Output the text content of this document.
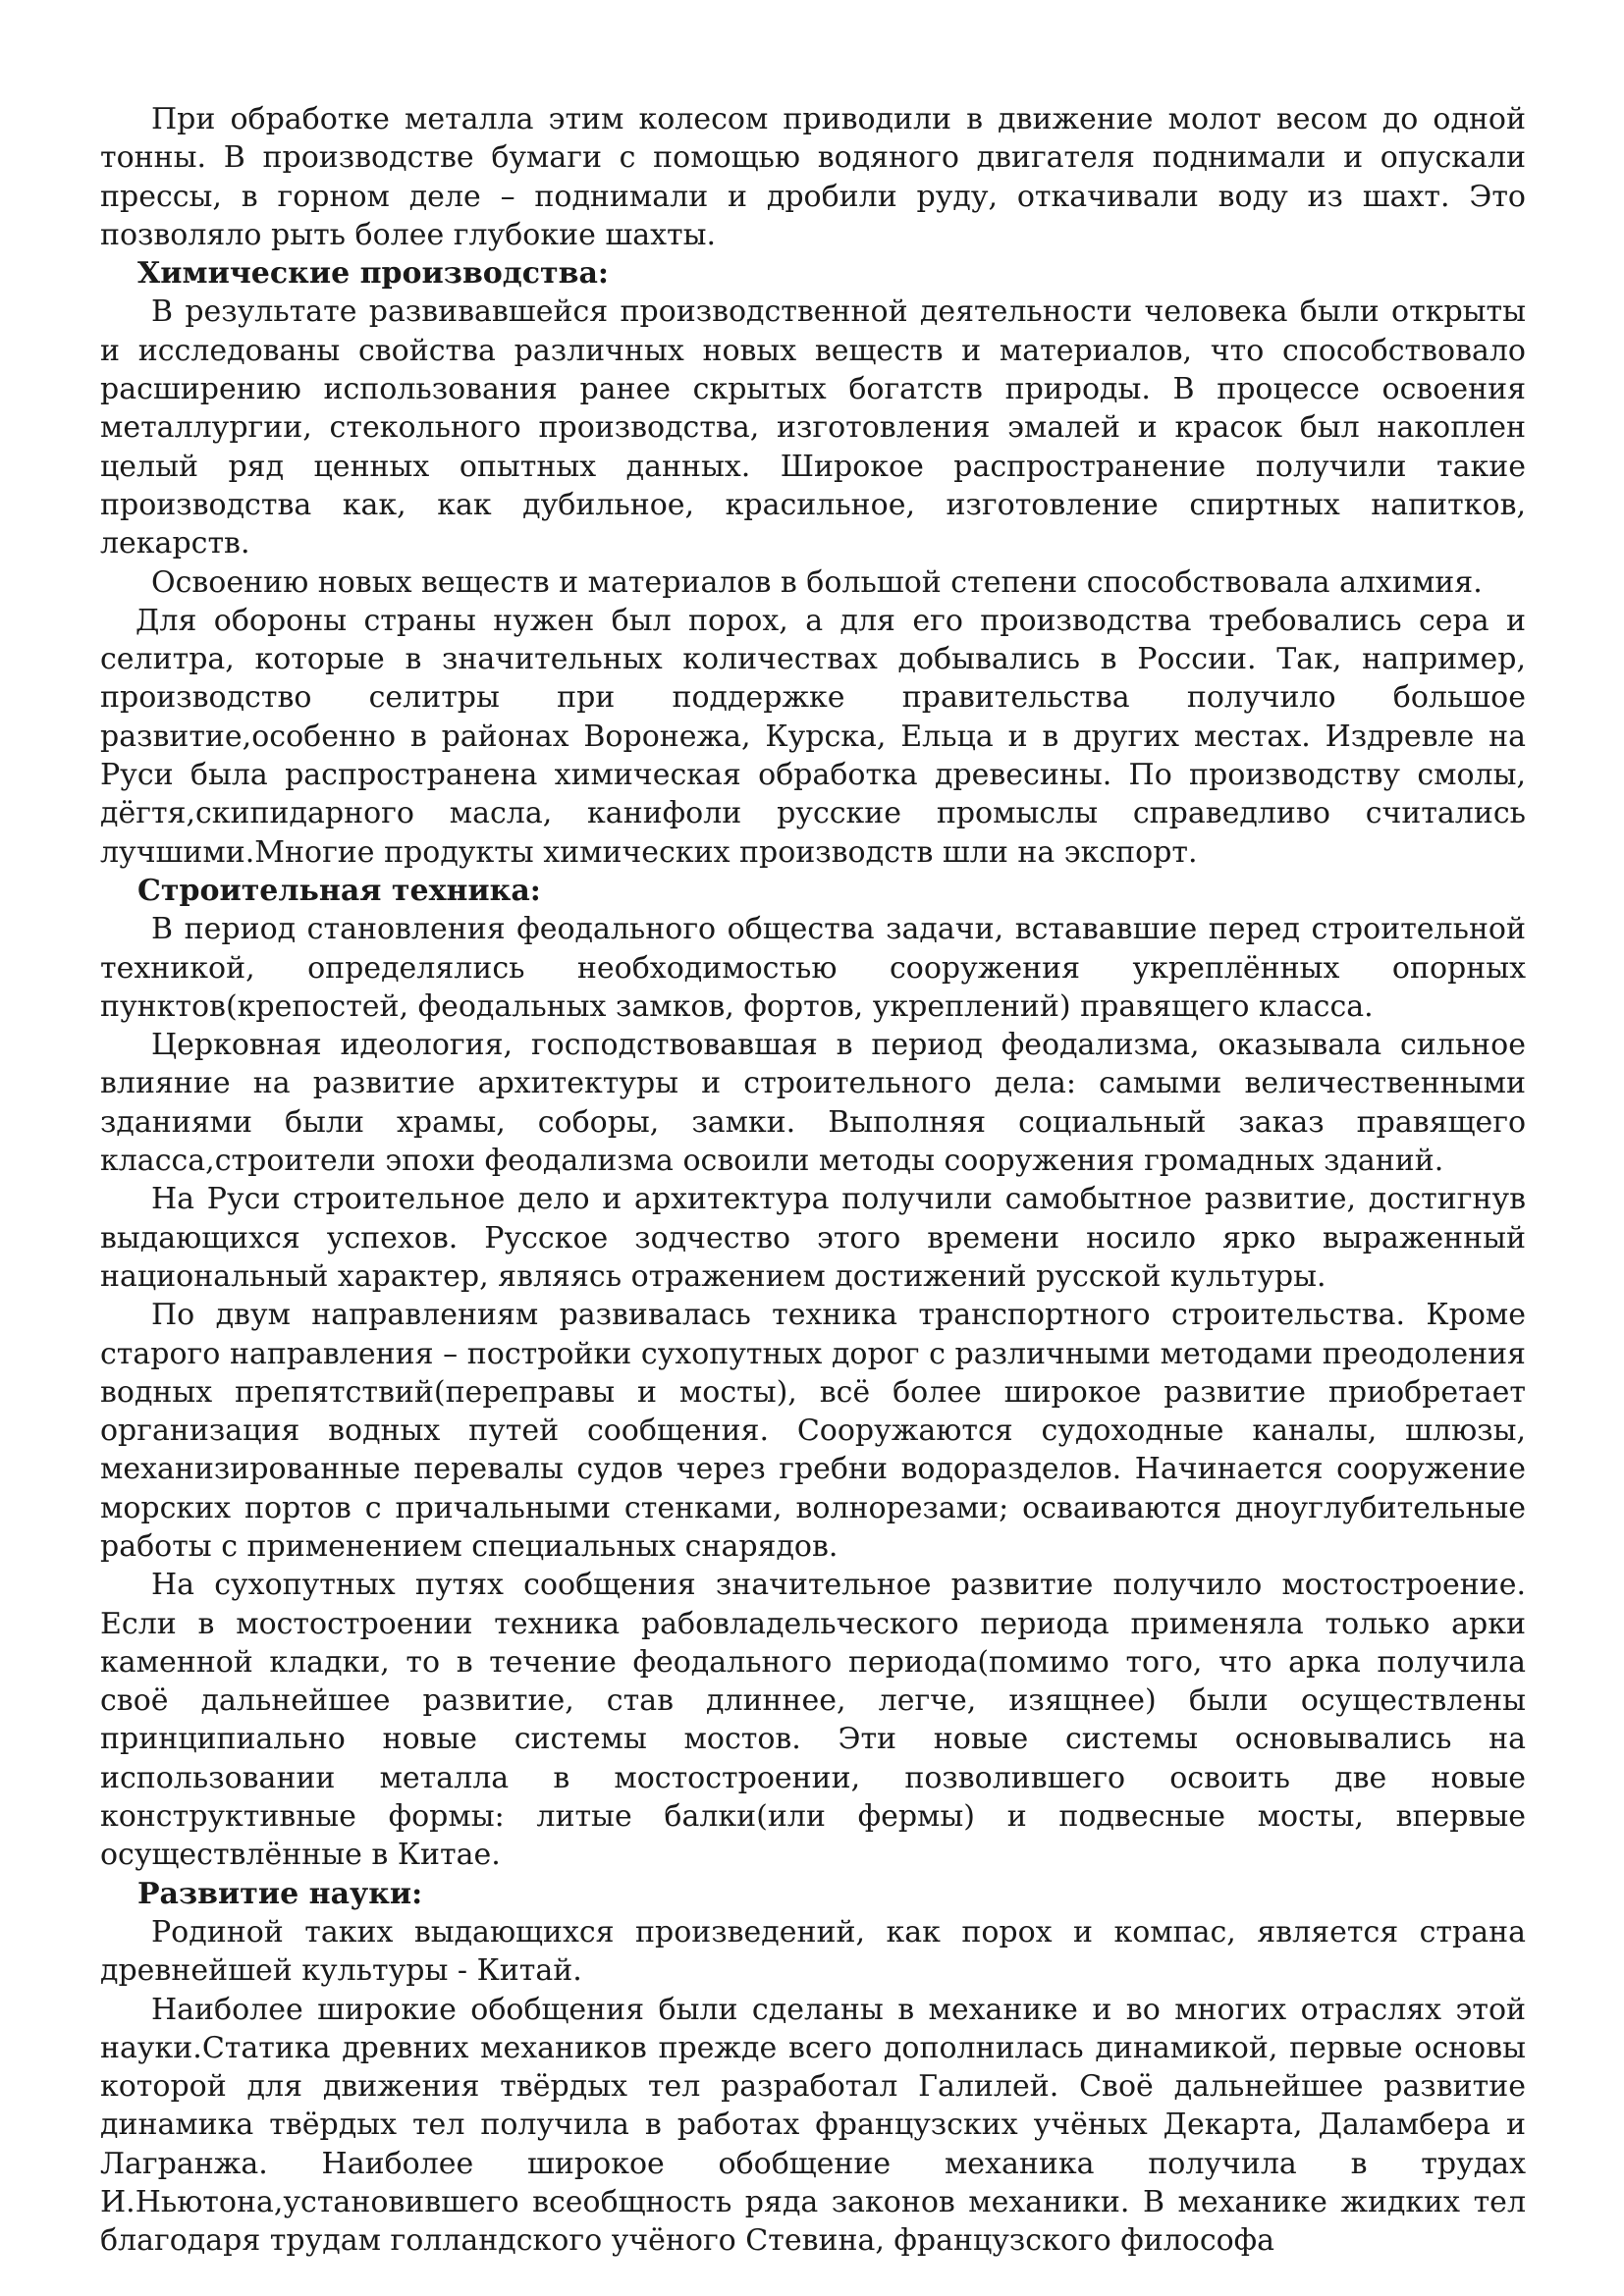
При обработке металла этим колесом приводили в движение молот весом до одной тонны. В производстве бумаги с помощью водяного двигателя поднимали и опускали прессы, в горном деле – поднимали и дробили руду, откачивали воду из шахт. Это позволяло рыть более глубокие шахты.

Химические производства:

В результате развивавшейся производственной деятельности человека были открыты и исследованы свойства различных новых веществ и материалов, что способствовало расширению использования ранее скрытых богатств природы. В процессе освоения металлургии, стекольного производства, изготовления эмалей и красок был накоплен целый ряд ценных опытных данных. Широкое распространение получили такие производства как, как дубильное, красильное, изготовление спиртных напитков, лекарств.

Освоению новых веществ и материалов в большой степени способствовала алхимия.

Для обороны страны нужен был порох, а для его производства требовались сера и селитра, которые в значительных количествах добывались в России. Так, например, производство селитры при поддержке правительства получило большое развитие,особенно в районах Воронежа, Курска, Ельца и в других местах. Издревле на Руси была распространена химическая обработка древесины. По производству смолы, дёгтя,скипидарного масла, канифоли русские промыслы справедливо считались лучшими.Многие продукты химических производств шли на экспорт.

Строительная техника:

В период становления феодального общества задачи, встававшие перед строительной техникой, определялись необходимостью сооружения укреплённых опорных пунктов(крепостей, феодальных замков, фортов, укреплений) правящего класса.

Церковная идеология, господствовавшая в период феодализма, оказывала сильное влияние на развитие архитектуры и строительного дела: самыми величественными зданиями были храмы, соборы, замки. Выполняя социальный заказ правящего класса,строители эпохи феодализма освоили методы сооружения громадных зданий.

На Руси строительное дело и архитектура получили самобытное развитие, достигнув выдающихся успехов. Русское зодчество этого времени носило ярко выраженный национальный характер, являясь отражением достижений русской культуры.

По двум направлениям развивалась техника транспортного строительства. Кроме старого направления – постройки сухопутных дорог с различными методами преодоления водных препятствий(переправы и мосты), всё более широкое развитие приобретает организация водных путей сообщения. Сооружаются судоходные каналы, шлюзы, механизированные перевалы судов через гребни водоразделов. Начинается сооружение морских портов с причальными стенками, волнорезами; осваиваются дноуглубительные работы с применением специальных снарядов.

На сухопутных путях сообщения значительное развитие получило мостостроение. Если в мостостроении техника рабовладельческого периода применяла только арки каменной кладки, то в течение феодального периода(помимо того, что арка получила своё дальнейшее развитие, став длиннее, легче, изящнее) были осуществлены принципиально новые системы мостов. Эти новые системы основывались на использовании металла в мостостроении, позволившего освоить две новые конструктивные формы: литые балки(или фермы) и подвесные мосты, впервые осуществлённые в Китае.

Развитие науки:

Родиной таких выдающихся произведений, как порох и компас, является страна древнейшей культуры - Китай.

Наиболее широкие обобщения были сделаны в механике и во многих отраслях этой науки.Статика древних механиков прежде всего дополнилась динамикой, первые основы которой для движения твёрдых тел разработал Галилей. Своё дальнейшее развитие динамика твёрдых тел получила в работах французских учёных Декарта, Даламбера и Лагранжа. Наиболее широкое обобщение механика получила в трудах И.Ньютона,установившего всеобщность ряда законов механики. В механике жидких тел благодаря трудам голландского учёного Стевина, французского философа
